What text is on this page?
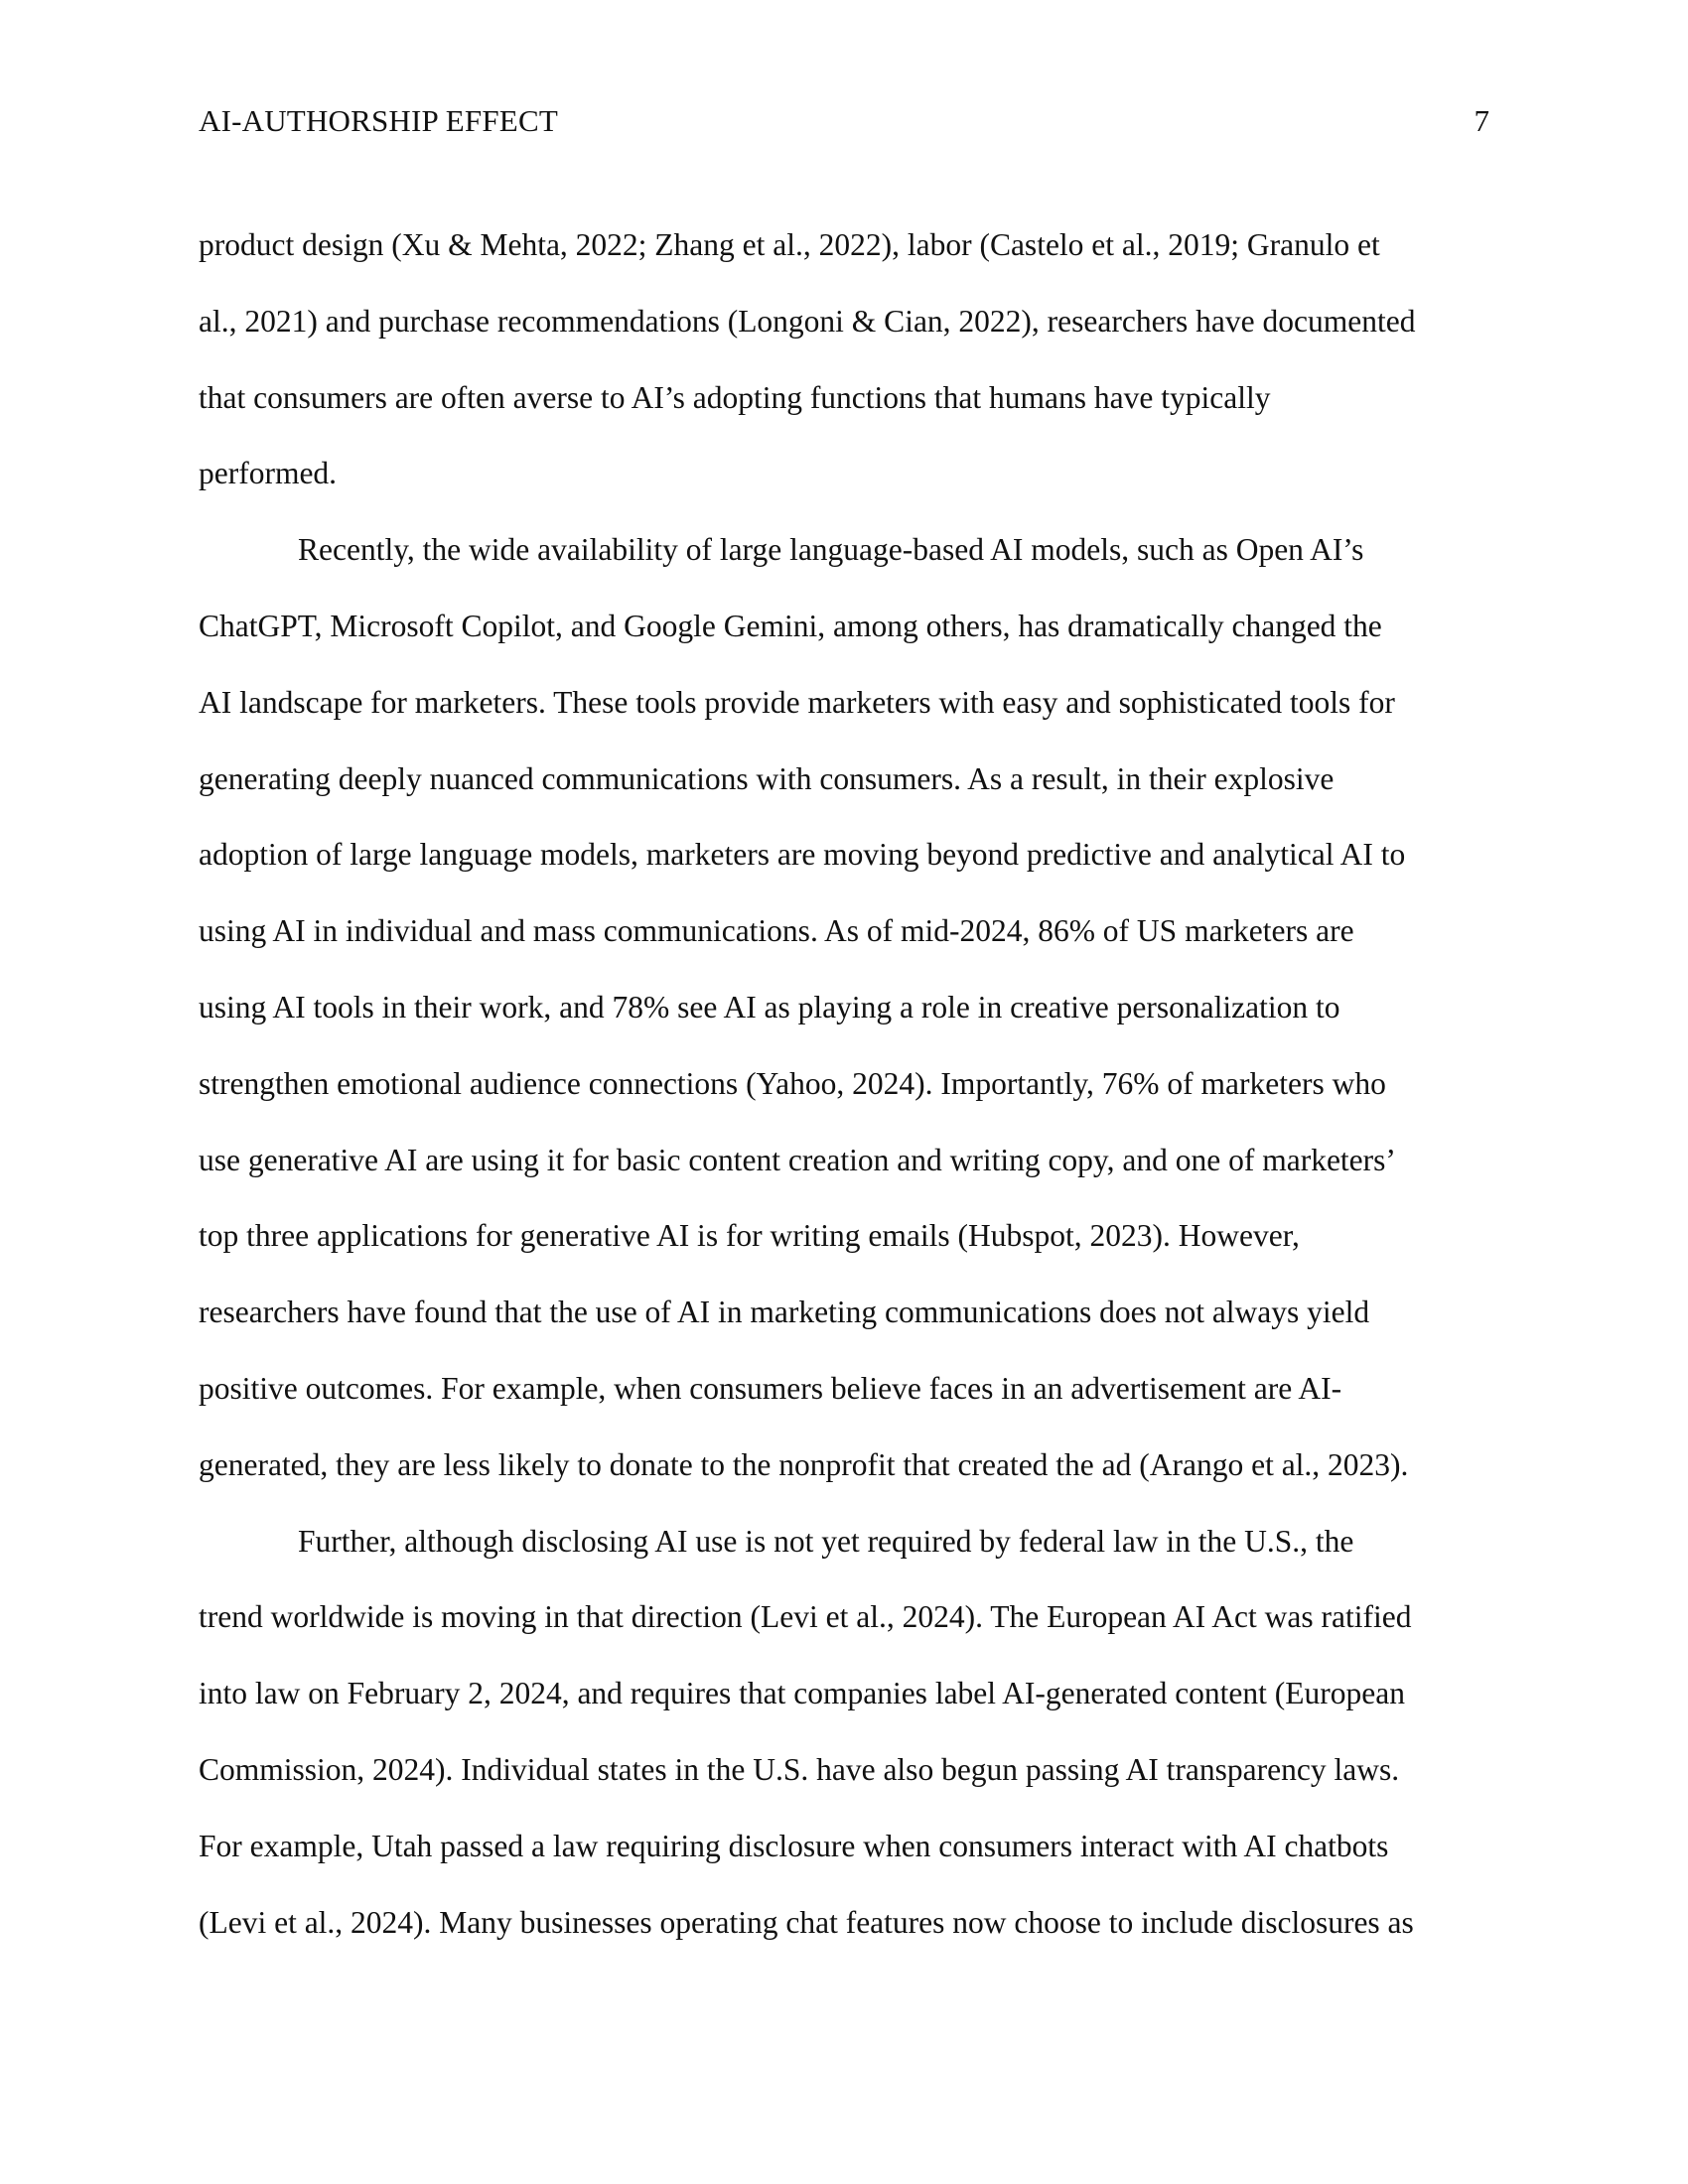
AI-AUTHORSHIP EFFECT	7

product design (Xu & Mehta, 2022; Zhang et al., 2022), labor (Castelo et al., 2019; Granulo et
al., 2021) and purchase recommendations (Longoni & Cian, 2022), researchers have documented
that consumers are often averse to AI’s adopting functions that humans have typically
performed.

Recently, the wide availability of large language-based AI models, such as Open AI’s
ChatGPT, Microsoft Copilot, and Google Gemini, among others, has dramatically changed the
AI landscape for marketers. These tools provide marketers with easy and sophisticated tools for
generating deeply nuanced communications with consumers. As a result, in their explosive
adoption of large language models, marketers are moving beyond predictive and analytical AI to
using AI in individual and mass communications. As of mid-2024, 86% of US marketers are
using AI tools in their work, and 78% see AI as playing a role in creative personalization to
strengthen emotional audience connections (Yahoo, 2024). Importantly, 76% of marketers who
use generative AI are using it for basic content creation and writing copy, and one of marketers’
top three applications for generative AI is for writing emails (Hubspot, 2023). However,
researchers have found that the use of AI in marketing communications does not always yield
positive outcomes. For example, when consumers believe faces in an advertisement are AI-
generated, they are less likely to donate to the nonprofit that created the ad (Arango et al., 2023).

Further, although disclosing AI use is not yet required by federal law in the U.S., the
trend worldwide is moving in that direction (Levi et al., 2024). The European AI Act was ratified
into law on February 2, 2024, and requires that companies label AI-generated content (European
Commission, 2024). Individual states in the U.S. have also begun passing AI transparency laws.
For example, Utah passed a law requiring disclosure when consumers interact with AI chatbots
(Levi et al., 2024). Many businesses operating chat features now choose to include disclosures as
